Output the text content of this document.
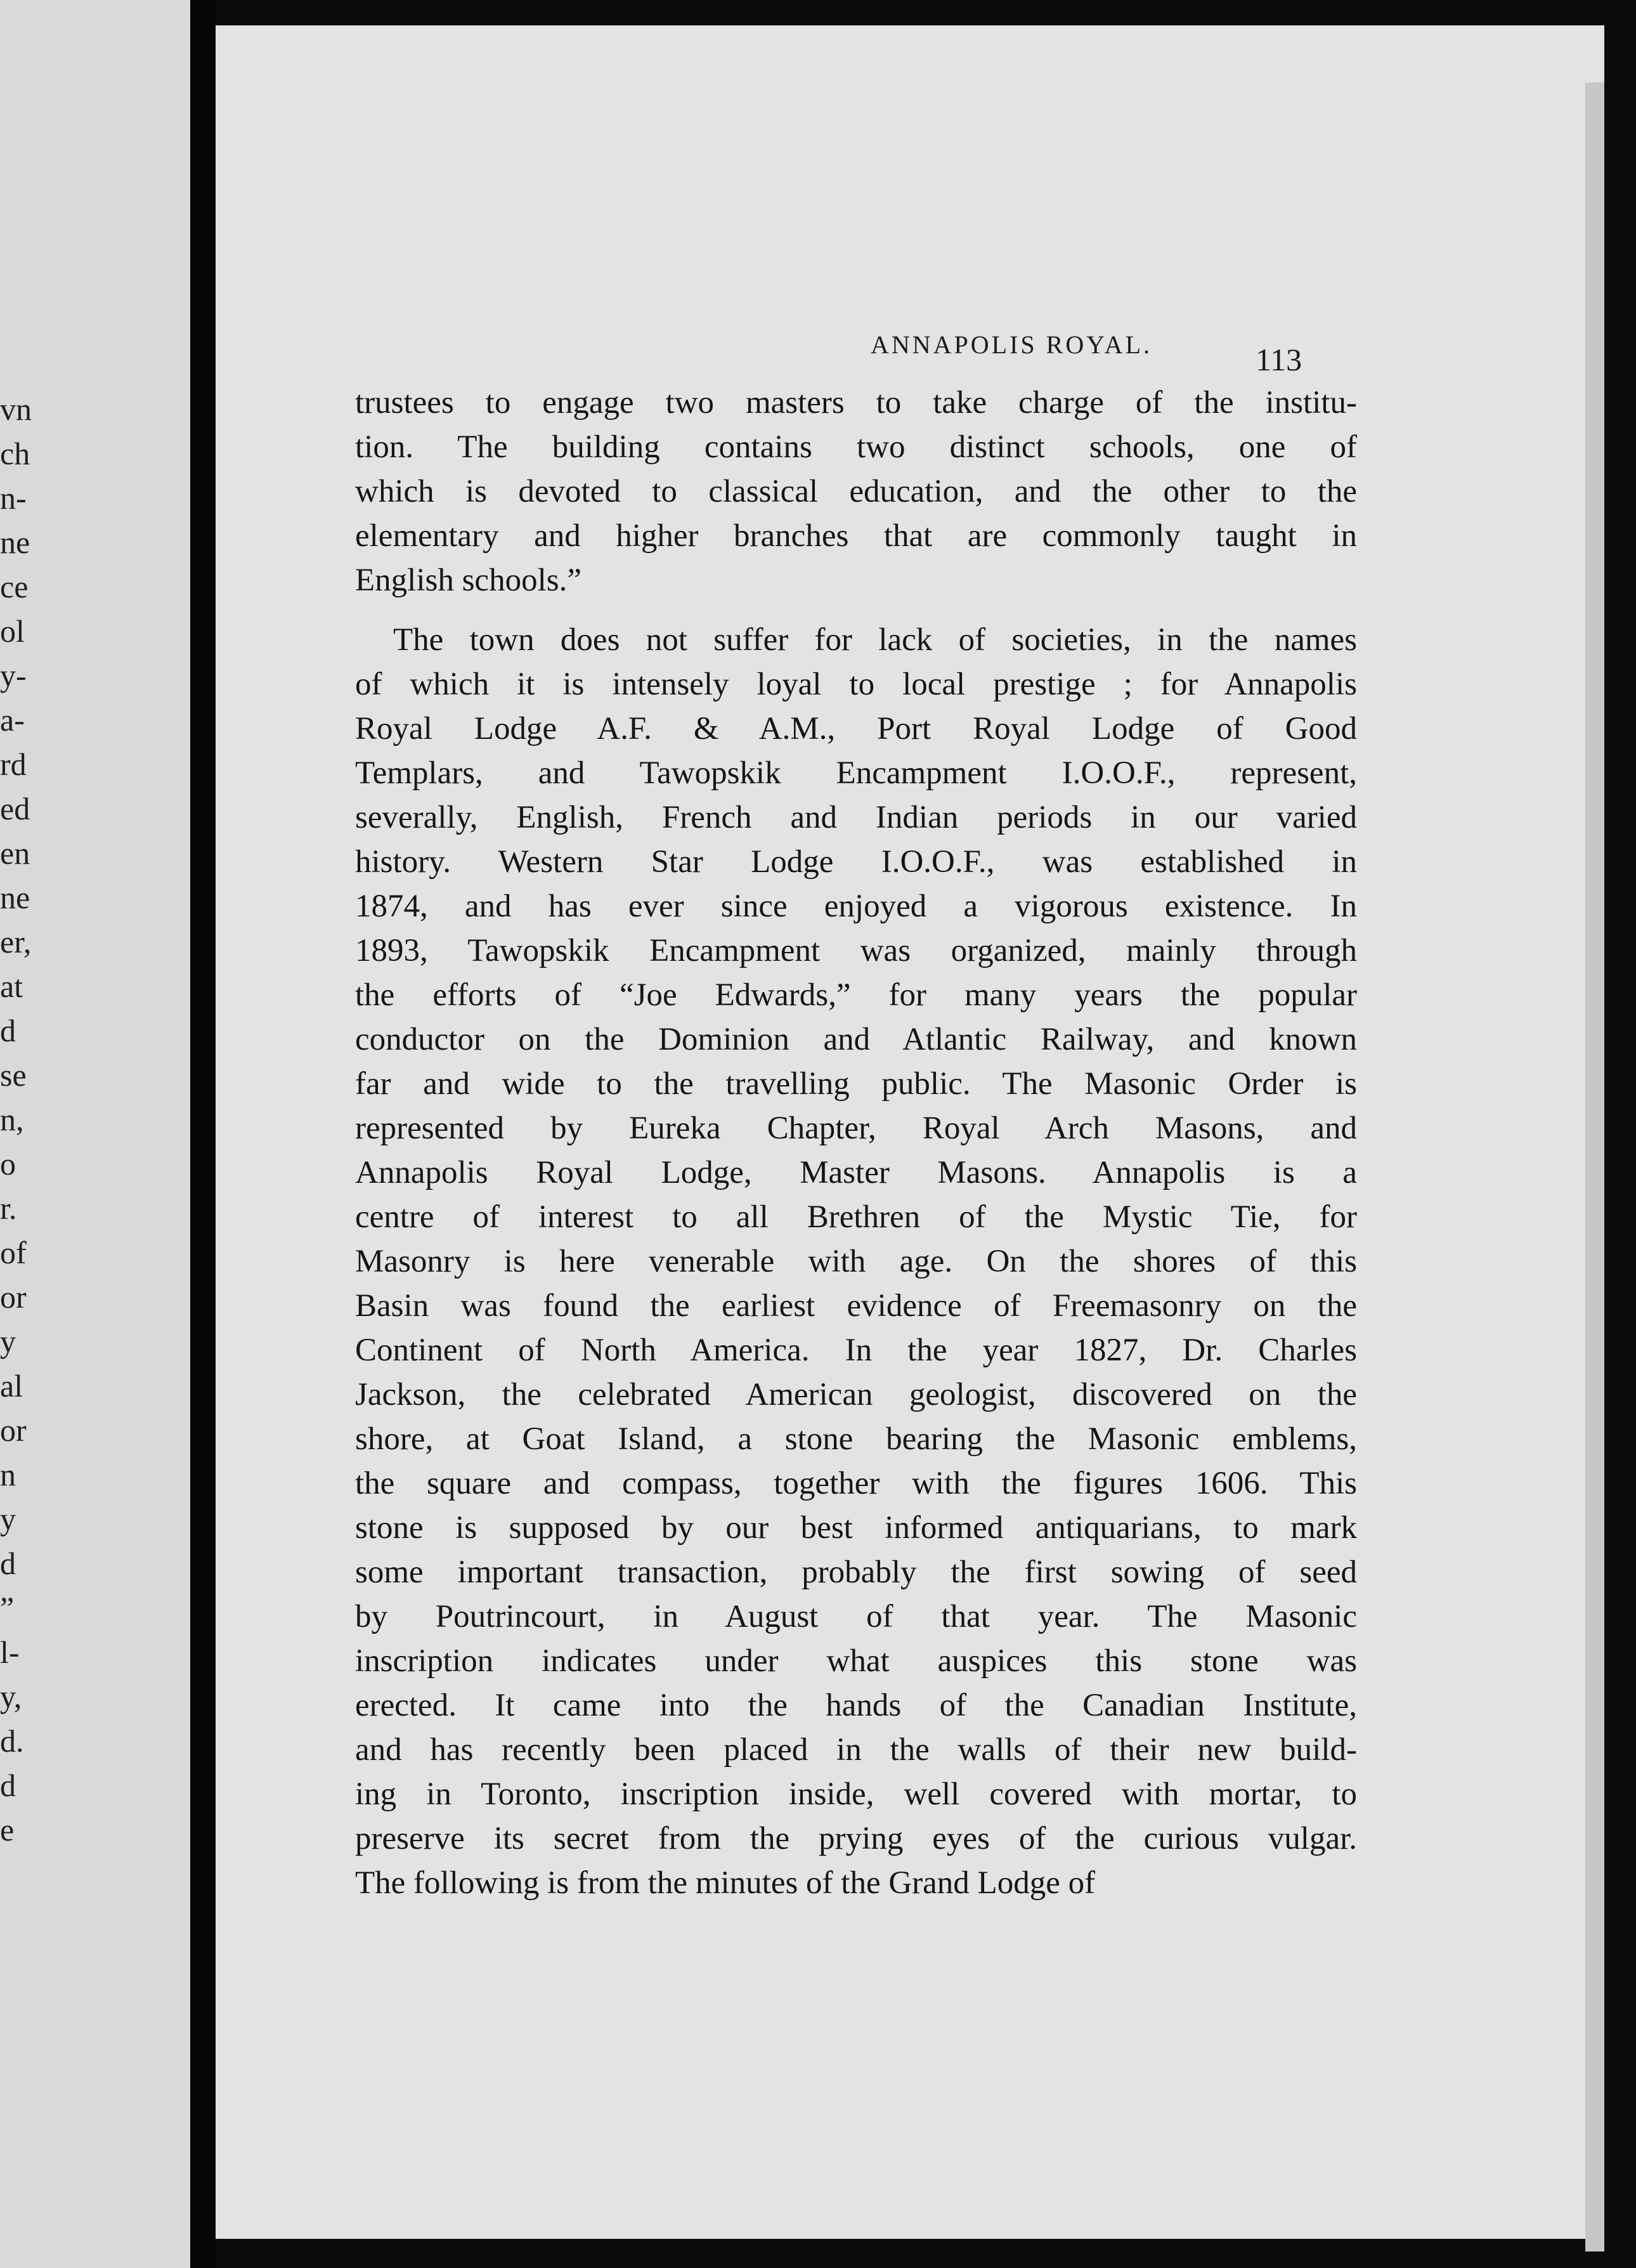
vn
ch
n-
ne
ce
ol
y-
a-
rd
ed
en
ne
er,
at
d
se
n,
o
r.
of
or
y
al
or
n
y
d
”
l-
y,
d.
d
e
ANNAPOLIS ROYAL.	113
trustees to engage two masters to take charge of the institu-
tion. The building contains two distinct schools, one of
which is devoted to classical education, and the other to the
elementary and higher branches that are commonly taught in
English schools.”
The town does not suffer for lack of societies, in the names
of which it is intensely loyal to local prestige ; for Annapolis
Royal Lodge A.F. & A.M., Port Royal Lodge of Good
Templars, and Tawopskik Encampment I.O.O.F., represent,
severally, English, French and Indian periods in our varied
history. Western Star Lodge I.O.O.F., was established in
1874, and has ever since enjoyed a vigorous existence. In
1893, Tawopskik Encampment was organized, mainly through
the efforts of “Joe Edwards,” for many years the popular
conductor on the Dominion and Atlantic Railway, and known
far and wide to the travelling public. The Masonic Order is
represented by Eureka Chapter, Royal Arch Masons, and
Annapolis Royal Lodge, Master Masons. Annapolis is a
centre of interest to all Brethren of the Mystic Tie, for
Masonry is here venerable with age. On the shores of this
Basin was found the earliest evidence of Freemasonry on the
Continent of North America. In the year 1827, Dr. Charles
Jackson, the celebrated American geologist, discovered on the
shore, at Goat Island, a stone bearing the Masonic emblems,
the square and compass, together with the figures 1606. This
stone is supposed by our best informed antiquarians, to mark
some important transaction, probably the first sowing of seed
by Poutrincourt, in August of that year. The Masonic
inscription indicates under what auspices this stone was
erected. It came into the hands of the Canadian Institute,
and has recently been placed in the walls of their new build-
ing in Toronto, inscription inside, well covered with mortar, to
preserve its secret from the prying eyes of the curious vulgar.
The following is from the minutes of the Grand Lodge of
